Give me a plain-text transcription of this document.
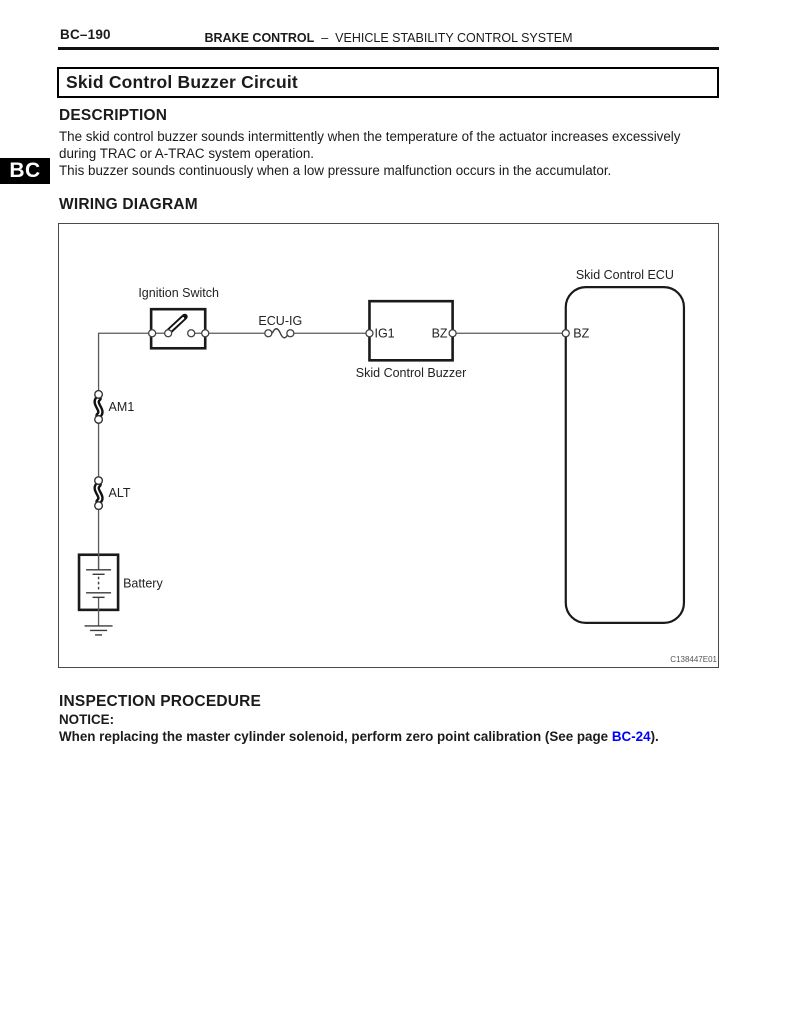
BC–190	BRAKE CONTROL – VEHICLE STABILITY CONTROL SYSTEM
Skid Control Buzzer Circuit
DESCRIPTION
The skid control buzzer sounds intermittently when the temperature of the actuator increases excessively
during TRAC or A-TRAC system operation.
This buzzer sounds continuously when a low pressure malfunction occurs in the accumulator.
BC
WIRING DIAGRAM
Ignition Switch
ECU-IG
IG1	BZ
Skid Control Buzzer
Skid Control ECU
BZ
AM1
ALT
Battery
C138447E01
INSPECTION PROCEDURE
NOTICE:
When replacing the master cylinder solenoid, perform zero point calibration (See page BC-24).
